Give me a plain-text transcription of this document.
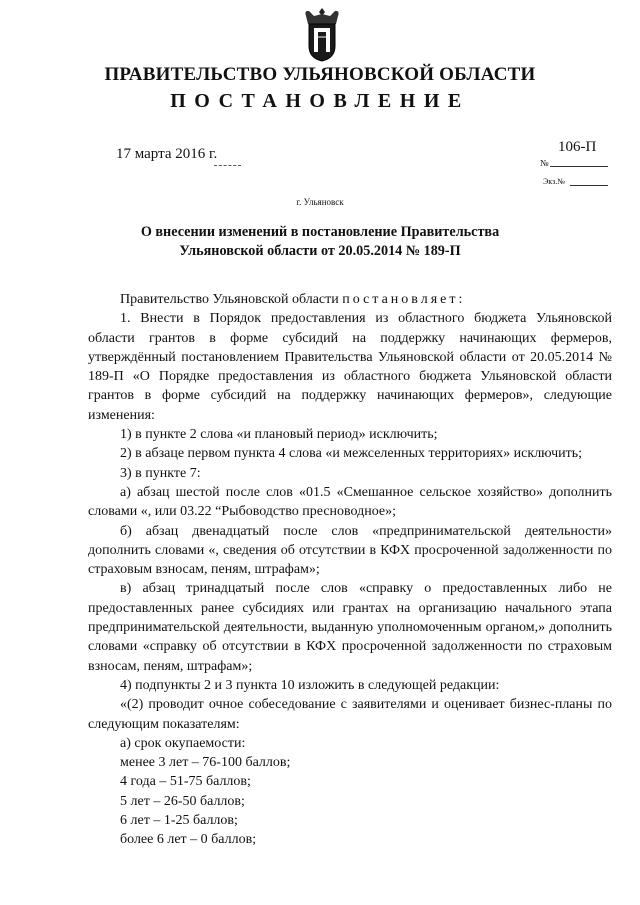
ПРАВИТЕЛЬСТВО УЛЬЯНОВСКОЙ ОБЛАСТИ
ПОСТАНОВЛЕНИЕ
17 марта 2016 г.	106-П
№
Экз.№
г. Ульяновск
О внесении изменений в постановление Правительства
Ульяновской области от 20.05.2014 № 189-П

Правительство Ульяновской области постановляет:

1. Внести в Порядок предоставления из областного бюджета Ульяновской области грантов в форме субсидий на поддержку начинающих фермеров, утверждённый постановлением Правительства Ульяновской области от 20.05.2014 № 189-П «О Порядке предоставления из областного бюджета Ульяновской области грантов в форме субсидий на поддержку начинающих фермеров», следующие изменения:

1) в пункте 2 слова «и плановый период» исключить;

2) в абзаце первом пункта 4 слова «и межселенных территориях» исключить;

3) в пункте 7:

а) абзац шестой после слов «01.5 «Смешанное сельское хозяйство» дополнить словами «, или 03.22 “Рыбоводство пресноводное»;

б) абзац двенадцатый после слов «предпринимательской деятельности» дополнить словами «, сведения об отсутствии в КФХ просроченной задолженности по страховым взносам, пеням, штрафам»;

в) абзац тринадцатый после слов «справку о предоставленных либо не предоставленных ранее субсидиях или грантах на организацию начального этапа предпринимательской деятельности, выданную уполномоченным органом,» дополнить словами «справку об отсутствии в КФХ просроченной задолженности по страховым взносам, пеням, штрафам»;

4) подпункты 2 и 3 пункта 10 изложить в следующей редакции:

«(2) проводит очное собеседование с заявителями и оценивает бизнес-планы по следующим показателям:

а) срок окупаемости:

менее 3 лет – 76-100 баллов;

4 года – 51-75 баллов;

5 лет – 26-50 баллов;

6 лет – 1-25 баллов;

более 6 лет – 0 баллов;
